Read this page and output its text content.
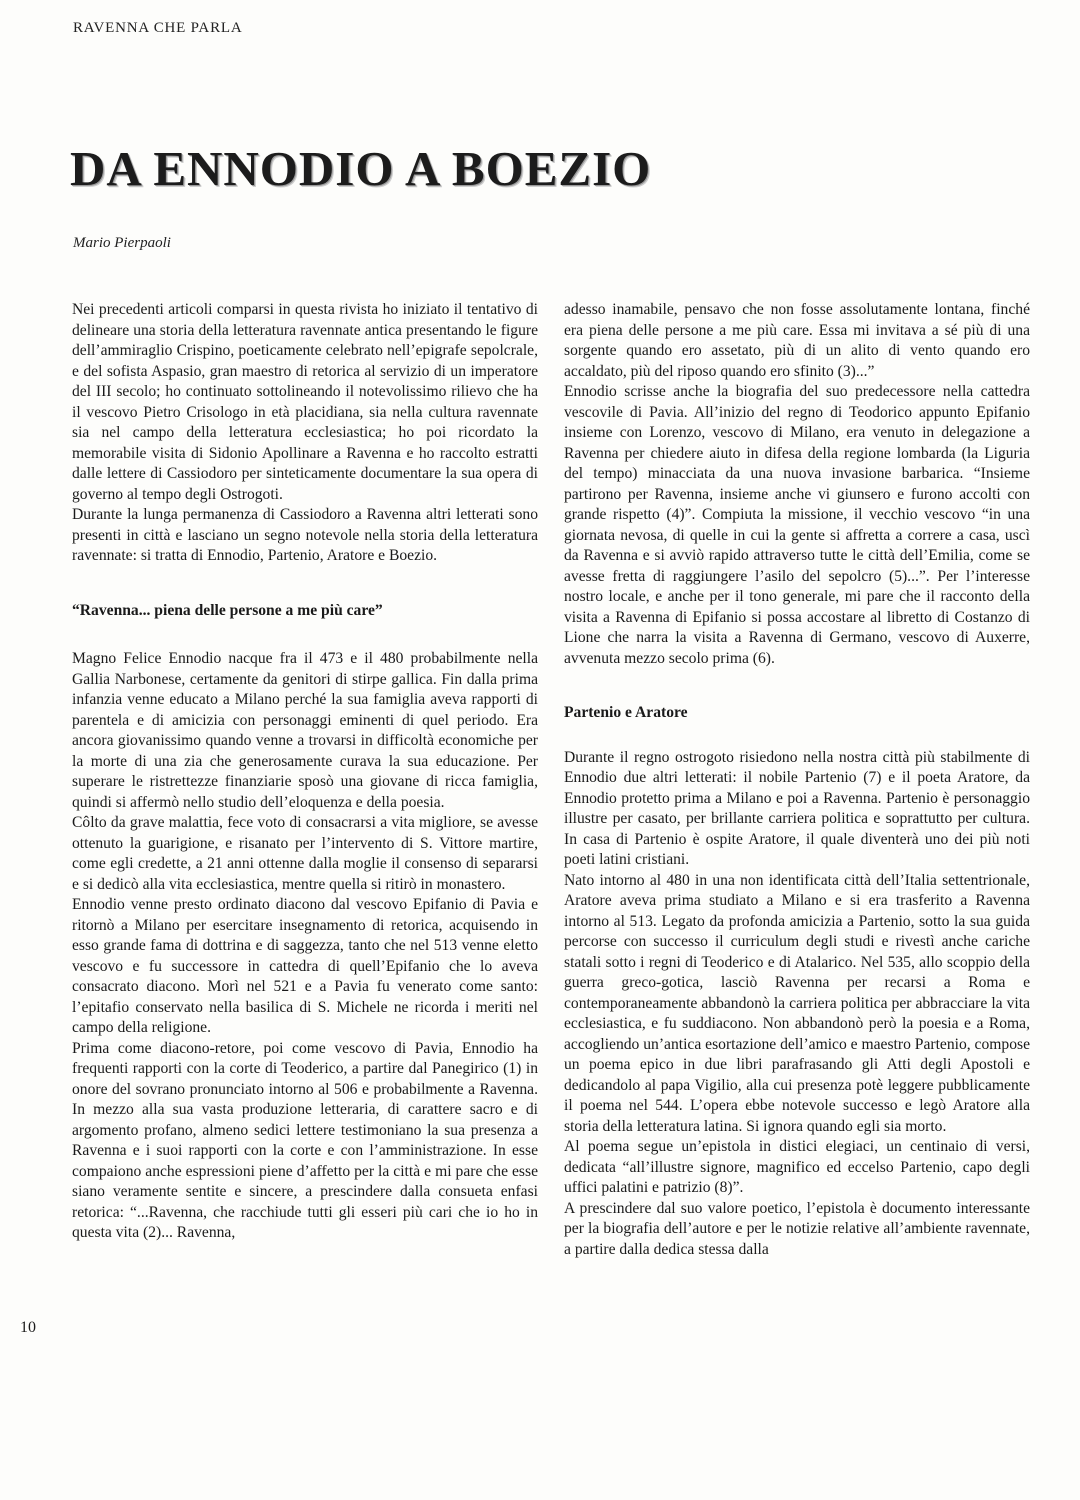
RAVENNA CHE PARLA
DA ENNODIO A BOEZIO
Mario Pierpaoli

Nei precedenti articoli comparsi in questa rivista ho iniziato il tentativo di delineare una storia della letteratura ravennate antica presentando le figure dell’ammiraglio Crispino, poeticamente celebrato nell’epigrafe sepolcrale, e del sofista Aspasio, gran maestro di retorica al servizio di un imperatore del III secolo; ho continuato sottolineando il notevolissimo rilievo che ha il vescovo Pietro Crisologo in età placidiana, sia nella cultura ravennate sia nel campo della letteratura ecclesiastica; ho poi ricordato la memorabile visita di Sidonio Apollinare a Ravenna e ho raccolto estratti dalle lettere di Cassiodoro per sinteticamente documentare la sua opera di governo al tempo degli Ostrogoti.

Durante la lunga permanenza di Cassiodoro a Ravenna altri letterati sono presenti in città e lasciano un segno notevole nella storia della letteratura ravennate: si tratta di Ennodio, Partenio, Aratore e Boezio.

“Ravenna... piena delle persone a me più care”

Magno Felice Ennodio nacque fra il 473 e il 480 probabilmente nella Gallia Narbonese, certamente da genitori di stirpe gallica. Fin dalla prima infanzia venne educato a Milano perché la sua famiglia aveva rapporti di parentela e di amicizia con personaggi eminenti di quel periodo. Era ancora giovanissimo quando venne a trovarsi in difficoltà economiche per la morte di una zia che generosamente curava la sua educazione. Per superare le ristrettezze finanziarie sposò una giovane di ricca famiglia, quindi si affermò nello studio dell’eloquenza e della poesia.

Côlto da grave malattia, fece voto di consacrarsi a vita migliore, se avesse ottenuto la guarigione, e risanato per l’intervento di S. Vittore martire, come egli credette, a 21 anni ottenne dalla moglie il consenso di separarsi e si dedicò alla vita ecclesiastica, mentre quella si ritirò in monastero.

Ennodio venne presto ordinato diacono dal vescovo Epifanio di Pavia e ritornò a Milano per esercitare insegnamento di retorica, acquisendo in esso grande fama di dottrina e di saggezza, tanto che nel 513 venne eletto vescovo e fu successore in cattedra di quell’Epifanio che lo aveva consacrato diacono. Morì nel 521 e a Pavia fu venerato come santo: l’epitafio conservato nella basilica di S. Michele ne ricorda i meriti nel campo della religione.

Prima come diacono-retore, poi come vescovo di Pavia, Ennodio ha frequenti rapporti con la corte di Teoderico, a partire dal Panegirico (1) in onore del sovrano pronunciato intorno al 506 e probabilmente a Ravenna. In mezzo alla sua vasta produzione letteraria, di carattere sacro e di argomento profano, almeno sedici lettere testimoniano la sua presenza a Ravenna e i suoi rapporti con la corte e con l’amministrazione. In esse compaiono anche espressioni piene d’affetto per la città e mi pare che esse siano veramente sentite e sincere, a prescindere dalla consueta enfasi retorica: “...Ravenna, che racchiude tutti gli esseri più cari che io ho in questa vita (2)... Ravenna,

adesso inamabile, pensavo che non fosse assolutamente lontana, finché era piena delle persone a me più care. Essa mi invitava a sé più di una sorgente quando ero assetato, più di un alito di vento quando ero accaldato, più del riposo quando ero sfinito (3)...”

Ennodio scrisse anche la biografia del suo predecessore nella cattedra vescovile di Pavia. All’inizio del regno di Teodorico appunto Epifanio insieme con Lorenzo, vescovo di Milano, era venuto in delegazione a Ravenna per chiedere aiuto in difesa della regione lombarda (la Liguria del tempo) minacciata da una nuova invasione barbarica. “Insieme partirono per Ravenna, insieme anche vi giunsero e furono accolti con grande rispetto (4)”. Compiuta la missione, il vecchio vescovo “in una giornata nevosa, di quelle in cui la gente si affretta a correre a casa, uscì da Ravenna e si avviò rapido attraverso tutte le città dell’Emilia, come se avesse fretta di raggiungere l’asilo del sepolcro (5)...”. Per l’interesse nostro locale, e anche per il tono generale, mi pare che il racconto della visita a Ravenna di Epifanio si possa accostare al libretto di Costanzo di Lione che narra la visita a Ravenna di Germano, vescovo di Auxerre, avvenuta mezzo secolo prima (6).

Partenio e Aratore

Durante il regno ostrogoto risiedono nella nostra città più stabilmente di Ennodio due altri letterati: il nobile Partenio (7) e il poeta Aratore, da Ennodio protetto prima a Milano e poi a Ravenna. Partenio è personaggio illustre per casato, per brillante carriera politica e soprattutto per cultura. In casa di Partenio è ospite Aratore, il quale diventerà uno dei più noti poeti latini cristiani.

Nato intorno al 480 in una non identificata città dell’Italia settentrionale, Aratore aveva prima studiato a Milano e si era trasferito a Ravenna intorno al 513. Legato da profonda amicizia a Partenio, sotto la sua guida percorse con successo il curriculum degli studi e rivestì anche cariche statali sotto i regni di Teoderico e di Atalarico. Nel 535, allo scoppio della guerra greco-gotica, lasciò Ravenna per recarsi a Roma e contemporaneamente abbandonò la carriera politica per abbracciare la vita ecclesiastica, e fu suddiacono. Non abbandonò però la poesia e a Roma, accogliendo un’antica esortazione dell’amico e maestro Partenio, compose un poema epico in due libri parafrasando gli Atti degli Apostoli e dedicandolo al papa Vigilio, alla cui presenza potè leggere pubblicamente il poema nel 544. L’opera ebbe notevole successo e legò Aratore alla storia della letteratura latina. Si ignora quando egli sia morto.

Al poema segue un’epistola in distici elegiaci, un centinaio di versi, dedicata “all’illustre signore, magnifico ed eccelso Partenio, capo degli uffici palatini e patrizio (8)”.

A prescindere dal suo valore poetico, l’epistola è documento interessante per la biografia dell’autore e per le notizie relative all’ambiente ravennate, a partire dalla dedica stessa dalla

10
